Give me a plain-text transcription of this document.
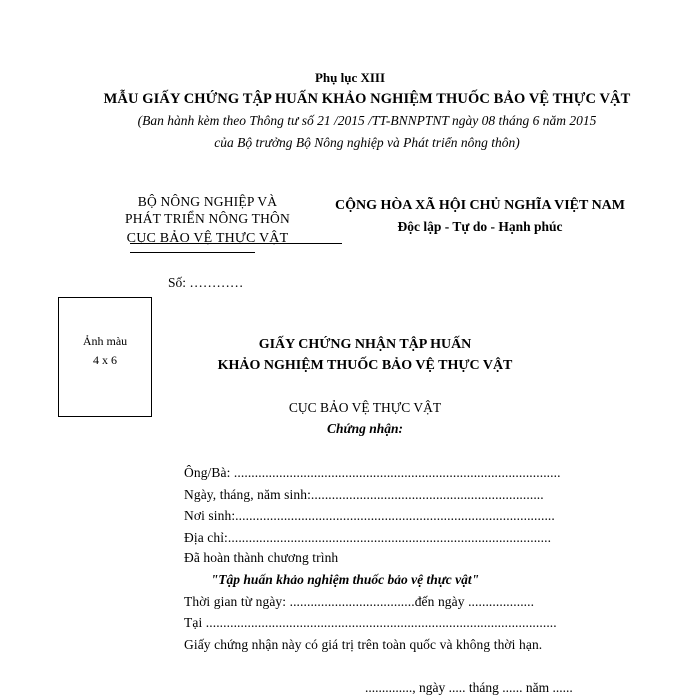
Phụ lục XIII
MẪU GIẤY CHỨNG TẬP HUẤN KHẢO NGHIỆM THUỐC BẢO VỆ THỰC VẬT
(Ban hành kèm theo Thông tư số 21 /2015 /TT-BNNPTNT ngày 08 tháng 6 năm 2015
của Bộ trưởng Bộ Nông nghiệp và Phát triển nông thôn)
BỘ NÔNG NGHIỆP VÀ
PHÁT TRIỂN NÔNG THÔN
CỤC BẢO VỆ THỰC VẬT
CỘNG HÒA XÃ HỘI CHỦ NGHĨA VIỆT NAM
Độc lập - Tự do - Hạnh phúc
Số: …………
Ảnh màu
4 x 6
GIẤY CHỨNG NHẬN TẬP HUẤN
KHẢO NGHIỆM THUỐC BẢO VỆ THỰC VẬT
CỤC BẢO VỆ THỰC VẬT
Chứng nhận:
Ông/Bà: ..............................................................................................
Ngày, tháng, năm sinh:...................................................................
Nơi sinh:............................................................................................
Địa chỉ:.............................................................................................
Đã hoàn thành chương trình
"Tập huấn khảo nghiệm thuốc bảo vệ thực vật"
Thời gian từ ngày: ....................................đến ngày ...................
Tại .....................................................................................................
Giấy chứng nhận này có giá trị trên toàn quốc và không thời hạn.
.............., ngày ..... tháng ...... năm ......
